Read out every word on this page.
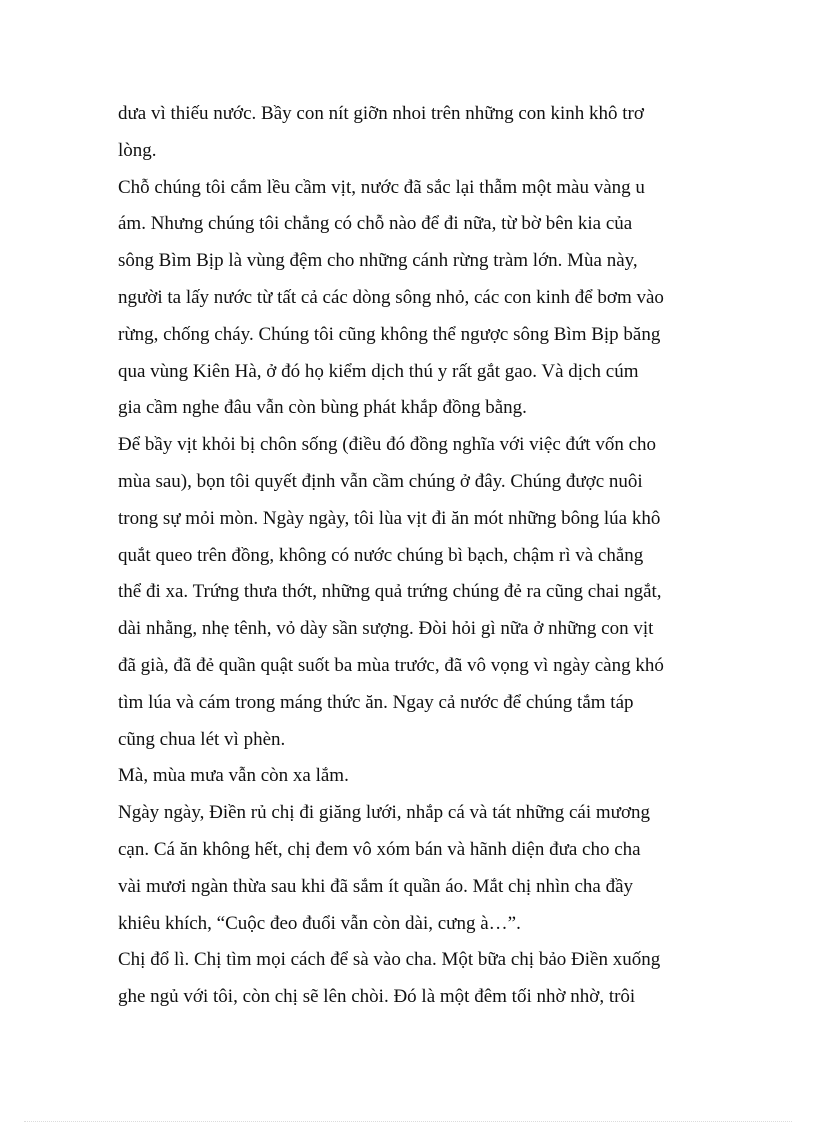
dưa vì thiếu nước. Bầy con nít giỡn nhoi trên những con kinh khô trơ
lòng.
Chỗ chúng tôi cắm lều cầm vịt, nước đã sắc lại thẫm một màu vàng u
ám. Nhưng chúng tôi chẳng có chỗ nào để đi nữa, từ bờ bên kia của
sông Bìm Bịp là vùng đệm cho những cánh rừng tràm lớn. Mùa này,
người ta lấy nước từ tất cả các dòng sông nhỏ, các con kinh để bơm vào
rừng, chống cháy. Chúng tôi cũng không thể ngược sông Bìm Bịp băng
qua vùng Kiên Hà, ở đó họ kiểm dịch thú y rất gắt gao. Và dịch cúm
gia cầm nghe đâu vẫn còn bùng phát khắp đồng bằng.
Để bầy vịt khỏi bị chôn sống (điều đó đồng nghĩa với việc đứt vốn cho
mùa sau), bọn tôi quyết định vẫn cầm chúng ở đây. Chúng được nuôi
trong sự mỏi mòn. Ngày ngày, tôi lùa vịt đi ăn mót những bông lúa khô
quắt queo trên đồng, không có nước chúng bì bạch, chậm rì và chẳng
thể đi xa. Trứng thưa thớt, những quả trứng chúng đẻ ra cũng chai ngắt,
dài nhằng, nhẹ tênh, vỏ dày sần sượng. Đòi hỏi gì nữa ở những con vịt
đã già, đã đẻ quần quật suốt ba mùa trước, đã vô vọng vì ngày càng khó
tìm lúa và cám trong máng thức ăn. Ngay cả nước để chúng tắm táp
cũng chua lét vì phèn.
Mà, mùa mưa vẫn còn xa lắm.
Ngày ngày, Điền rủ chị đi giăng lưới, nhắp cá và tát những cái mương
cạn. Cá ăn không hết, chị đem vô xóm bán và hãnh diện đưa cho cha
vài mươi ngàn thừa sau khi đã sắm ít quần áo. Mắt chị nhìn cha đầy
khiêu khích, “Cuộc đeo đuổi vẫn còn dài, cưng à…”.
Chị đổ lì. Chị tìm mọi cách để sà vào cha. Một bữa chị bảo Điền xuống
ghe ngủ với tôi, còn chị sẽ lên chòi. Đó là một đêm tối nhờ nhờ, trôi
